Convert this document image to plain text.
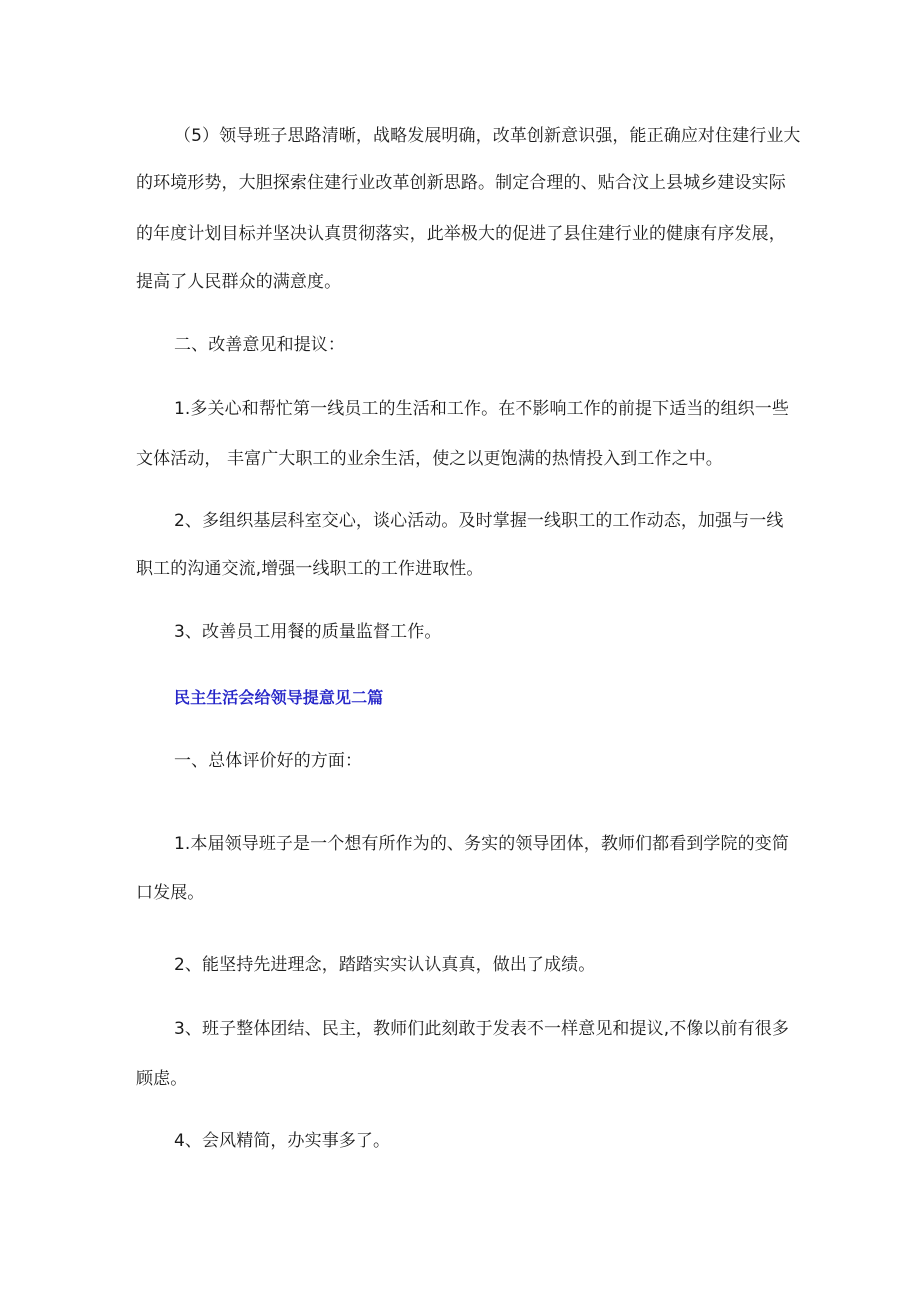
（5）领导班子思路清晰，战略发展明确，改革创新意识强，能正确应对住建行业大
的环境形势，大胆探索住建行业改革创新思路。制定合理的、贴合汶上县城乡建设实际
的年度计划目标并坚决认真贯彻落实，此举极大的促进了县住建行业的健康有序发展，
提高了人民群众的满意度。
二、改善意见和提议：
1.多关心和帮忙第一线员工的生活和工作。在不影响工作的前提下适当的组织一些
文体活动， 丰富广大职工的业余生活，使之以更饱满的热情投入到工作之中。
2、多组织基层科室交心，谈心活动。及时掌握一线职工的工作动态，加强与一线
职工的沟通交流,增强一线职工的工作进取性。
3、改善员工用餐的质量监督工作。
民主生活会给领导提意见二篇
一、总体评价好的方面：
1.本届领导班子是一个想有所作为的、务实的领导团体，教师们都看到学院的变简
口发展。
2、能坚持先进理念，踏踏实实认认真真，做出了成绩。
3、班子整体团结、民主，教师们此刻敢于发表不一样意见和提议,不像以前有很多
顾虑。
4、会风精简，办实事多了。
